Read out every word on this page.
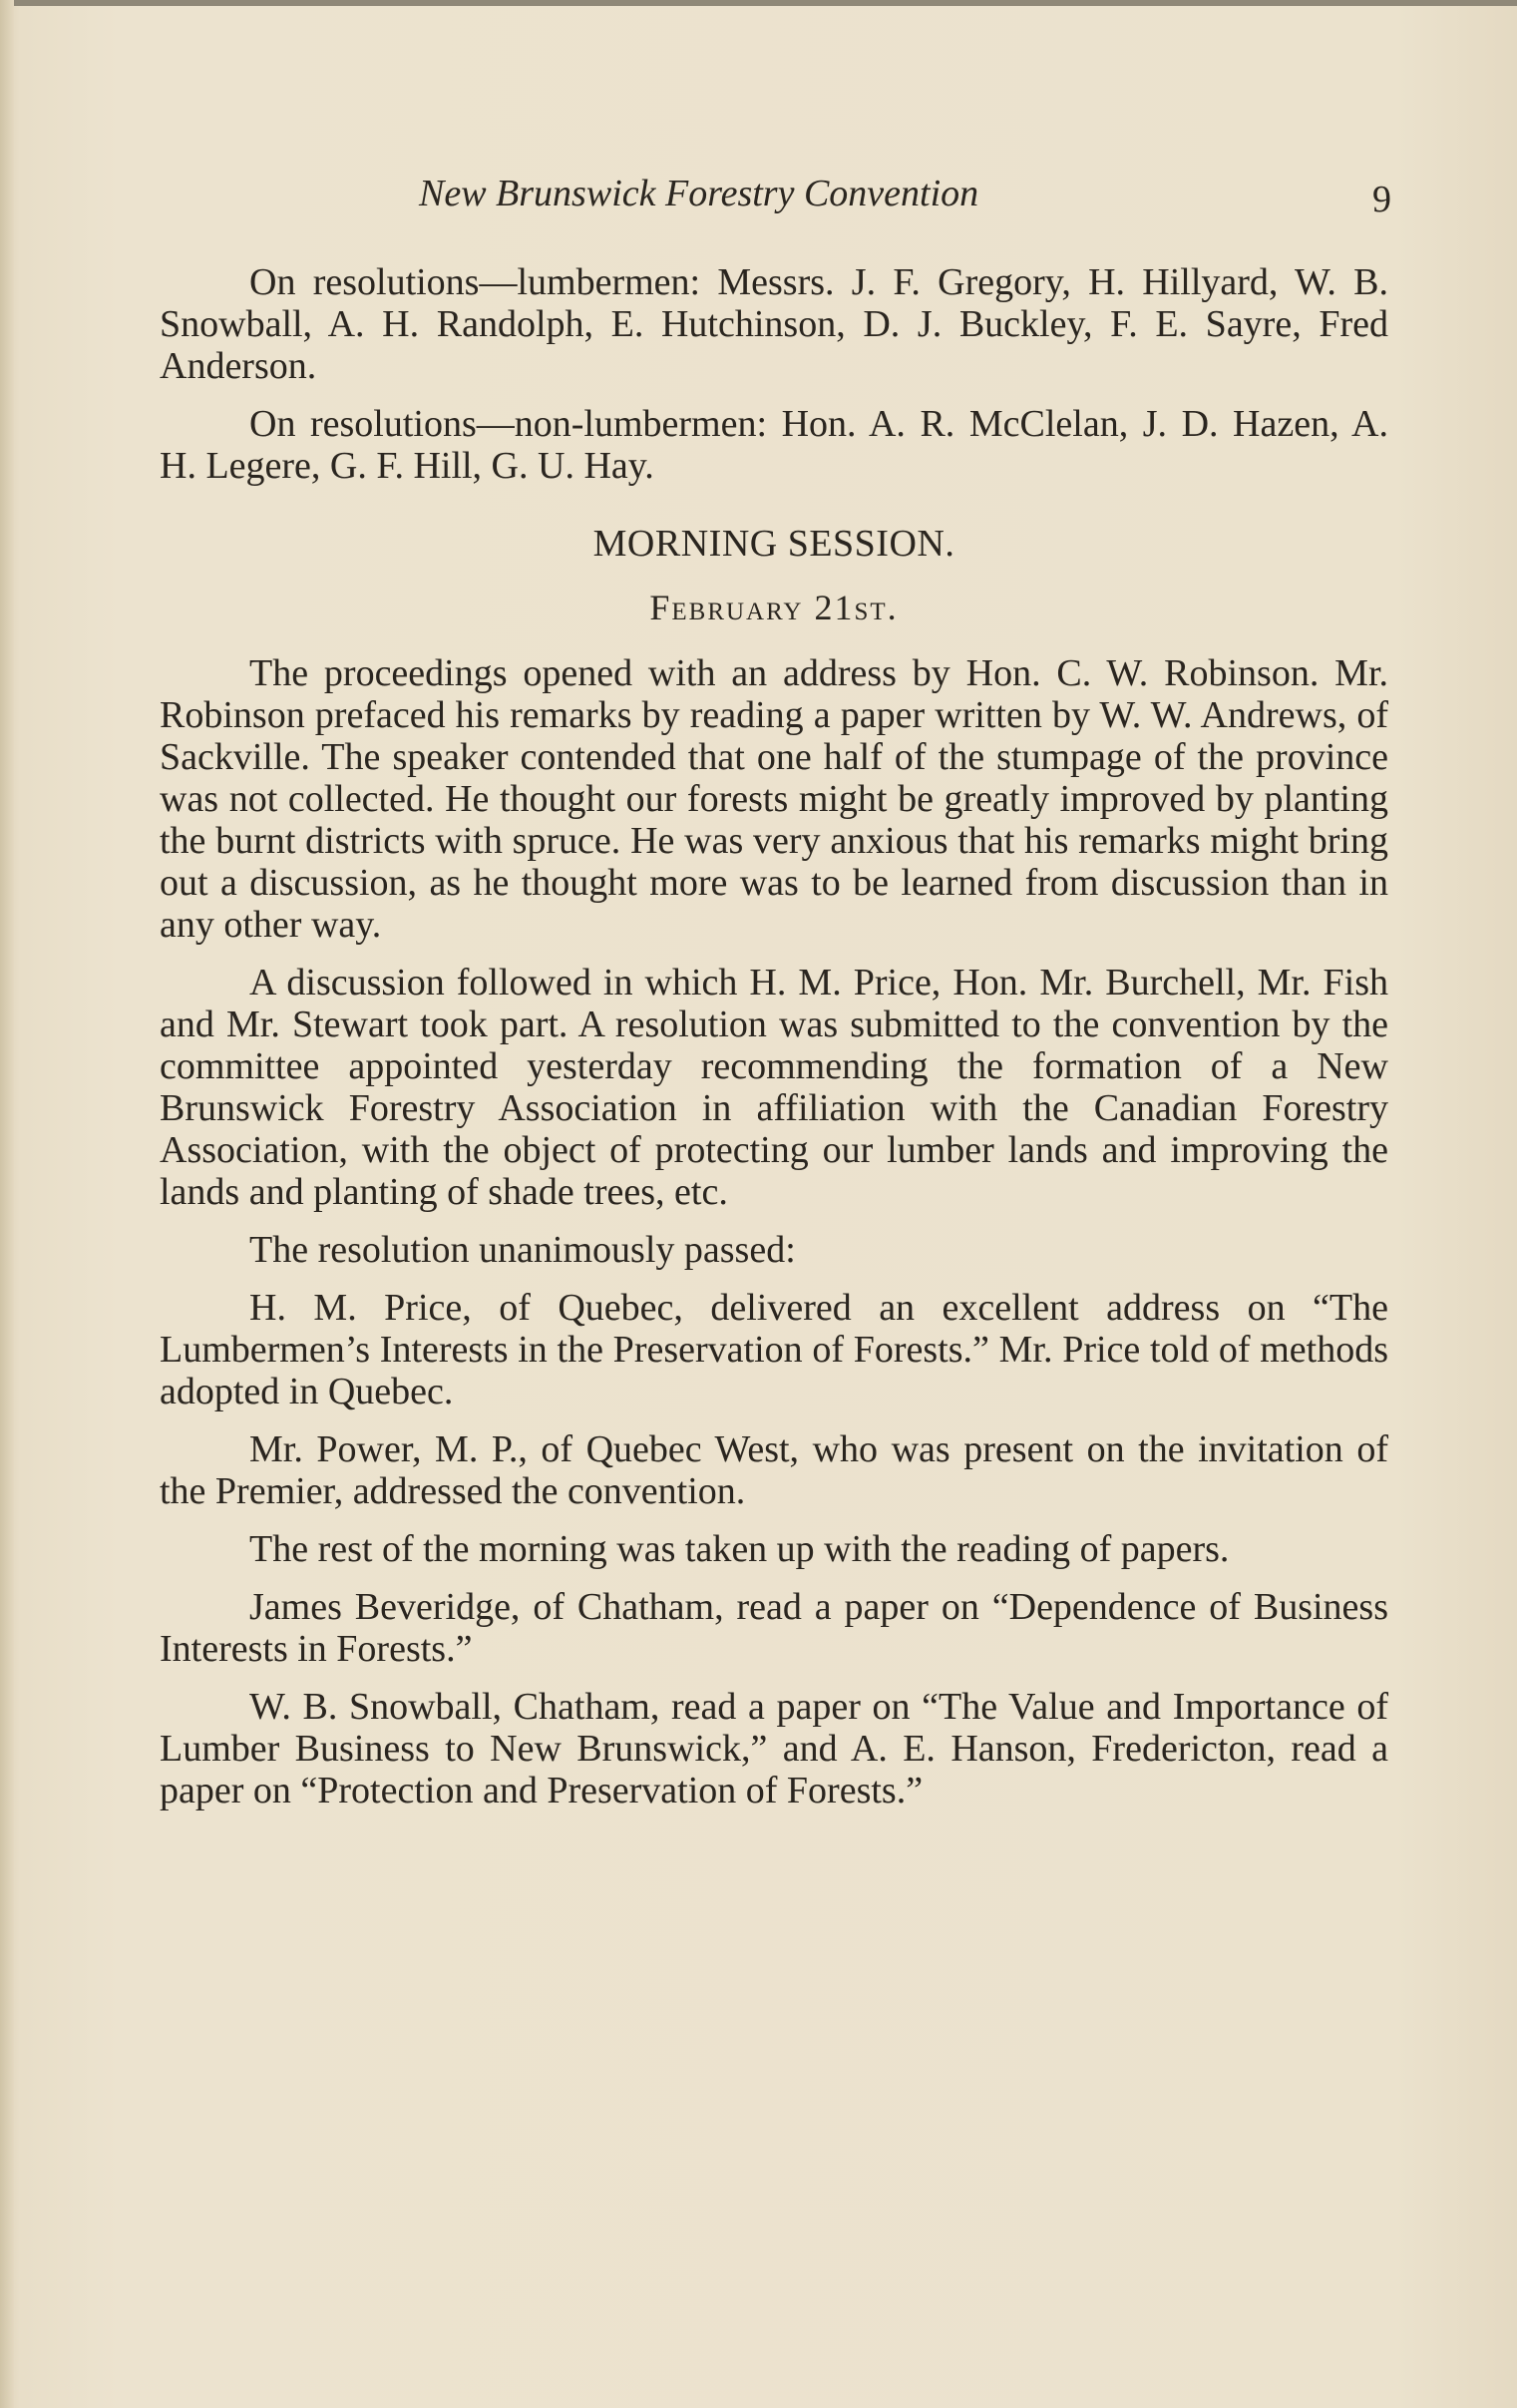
New Brunswick Forestry Convention	9

On resolutions—lumbermen: Messrs. J. F. Gregory, H. Hillyard, W. B. Snowball, A. H. Randolph, E. Hutchinson, D. J. Buckley, F. E. Sayre, Fred Anderson.

On resolutions—non-lumbermen: Hon. A. R. McClelan, J. D. Hazen, A. H. Legere, G. F. Hill, G. U. Hay.

MORNING SESSION.
February 21st.

The proceedings opened with an address by Hon. C. W. Robinson. Mr. Robinson prefaced his remarks by reading a paper written by W. W. Andrews, of Sackville. The speaker contended that one half of the stumpage of the province was not collected. He thought our forests might be greatly improved by planting the burnt districts with spruce. He was very anxious that his remarks might bring out a discussion, as he thought more was to be learned from discussion than in any other way.

A discussion followed in which H. M. Price, Hon. Mr. Burchell, Mr. Fish and Mr. Stewart took part. A resolution was submitted to the convention by the committee appointed yesterday recommending the formation of a New Brunswick Forestry Association in affiliation with the Canadian Forestry Association, with the object of protecting our lumber lands and improving the lands and planting of shade trees, etc.

The resolution unanimously passed:

H. M. Price, of Quebec, delivered an excellent address on “The Lumbermen’s Interests in the Preservation of Forests.” Mr. Price told of methods adopted in Quebec.

Mr. Power, M. P., of Quebec West, who was present on the invitation of the Premier, addressed the convention.

The rest of the morning was taken up with the reading of papers.

James Beveridge, of Chatham, read a paper on “Dependence of Business Interests in Forests.”

W. B. Snowball, Chatham, read a paper on “The Value and Importance of Lumber Business to New Brunswick,” and A. E. Hanson, Fredericton, read a paper on “Protection and Preservation of Forests.”
